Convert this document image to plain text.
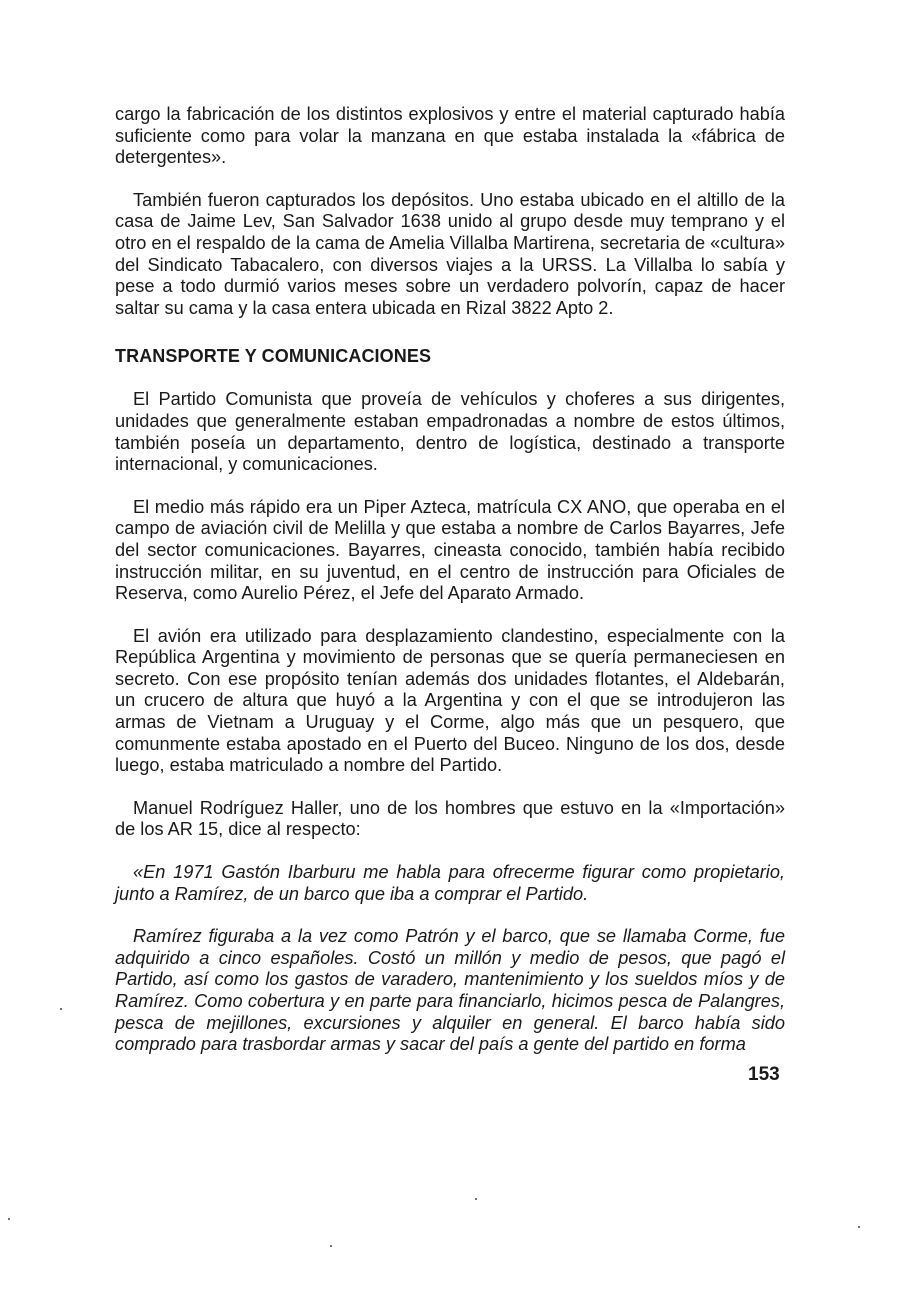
cargo la fabricación de los distintos explosivos y entre el material capturado había suficiente como para volar la manzana en que estaba instalada la «fábrica de detergentes».

También fueron capturados los depósitos. Uno estaba ubicado en el altillo de la casa de Jaime Lev, San Salvador 1638 unido al grupo desde muy temprano y el otro en el respaldo de la cama de Amelia Villalba Martirena, secretaria de «cultura» del Sindicato Tabacalero, con diversos viajes a la URSS. La Villalba lo sabía y pese a todo durmió varios meses sobre un verdadero polvorín, capaz de hacer saltar su cama y la casa entera ubicada en Rizal 3822 Apto 2.

TRANSPORTE Y COMUNICACIONES

El Partido Comunista que proveía de vehículos y choferes a sus dirigentes, unidades que generalmente estaban empadronadas a nombre de estos últimos, también poseía un departamento, dentro de logística, destinado a transporte internacional, y comunicaciones.

El medio más rápido era un Piper Azteca, matrícula CX ANO, que operaba en el campo de aviación civil de Melilla y que estaba a nombre de Carlos Bayarres, Jefe del sector comunicaciones. Bayarres, cineasta conocido, también había recibido instrucción militar, en su juventud, en el centro de instrucción para Oficiales de Reserva, como Aurelio Pérez, el Jefe del Aparato Armado.

El avión era utilizado para desplazamiento clandestino, especialmente con la República Argentina y movimiento de personas que se quería permaneciesen en secreto. Con ese propósito tenían además dos unidades flotantes, el Aldebarán, un crucero de altura que huyó a la Argentina y con el que se introdujeron las armas de Vietnam a Uruguay y el Corme, algo más que un pesquero, que comunmente estaba apostado en el Puerto del Buceo. Ninguno de los dos, desde luego, estaba matriculado a nombre del Partido.

Manuel Rodríguez Haller, uno de los hombres que estuvo en la «Importación» de los AR 15, dice al respecto:

«En 1971 Gastón Ibarburu me habla para ofrecerme figurar como propietario, junto a Ramírez, de un barco que iba a comprar el Partido.

Ramírez figuraba a la vez como Patrón y el barco, que se llamaba Corme, fue adquirido a cinco españoles. Costó un millón y medio de pesos, que pagó el Partido, así como los gastos de varadero, mantenimiento y los sueldos míos y de Ramírez. Como cobertura y en parte para financiarlo, hicimos pesca de Palangres, pesca de mejillones, excursiones y alquiler en general. El barco había sido comprado para trasbordar armas y sacar del país a gente del partido en forma

153
